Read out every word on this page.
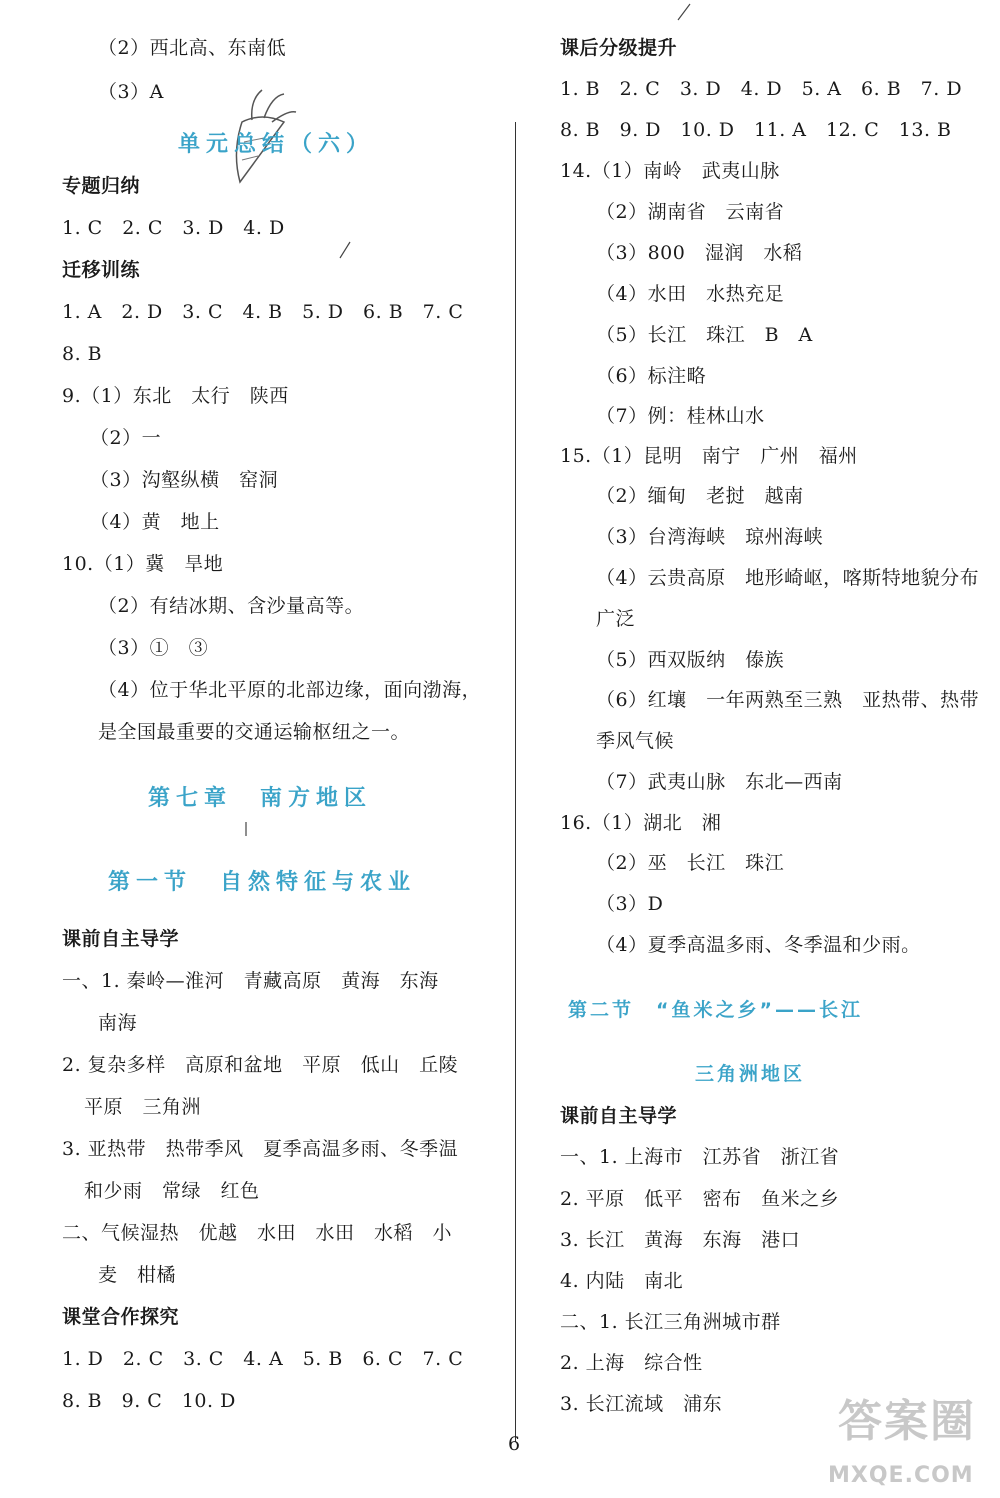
（2）西北高、东南低
（3）A
单元总结（六）
专题归纳
1. C　2. C　3. D　4. D
迁移训练
1. A　2. D　3. C　4. B　5. D　6. B　7. C
8. B
9.（1）东北　太行　陕西
（2）一
（3）沟壑纵横　窑洞
（4）黄　地上
10.（1）冀　旱地
（2）有结冰期、含沙量高等。
（3）①　③
（4）位于华北平原的北部边缘，面向渤海，
是全国最重要的交通运输枢纽之一。
第七章　南方地区
第一节　自然特征与农业
课前自主导学
一、1. 秦岭—淮河　青藏高原　黄海　东海
南海
2. 复杂多样　高原和盆地　平原　低山　丘陵
平原　三角洲
3. 亚热带　热带季风　夏季高温多雨、冬季温
和少雨　常绿　红色
二、气候湿热　优越　水田　水田　水稻　小
麦　柑橘
课堂合作探究
1. D　2. C　3. C　4. A　5. B　6. C　7. C
8. B　9. C　10. D
课后分级提升
1. B　2. C　3. D　4. D　5. A　6. B　7. D
8. B　9. D　10. D　11. A　12. C　13. B
14.（1）南岭　武夷山脉
（2）湖南省　云南省
（3）800　湿润　水稻
（4）水田　水热充足
（5）长江　珠江　B　A
（6）标注略
（7）例：桂林山水
15.（1）昆明　南宁　广州　福州
（2）缅甸　老挝　越南
（3）台湾海峡　琼州海峡
（4）云贵高原　地形崎岖，喀斯特地貌分布
广泛
（5）西双版纳　傣族
（6）红壤　一年两熟至三熟　亚热带、热带
季风气候
（7）武夷山脉　东北—西南
16.（1）湖北　湘
（2）巫　长江　珠江
（3）D
（4）夏季高温多雨、冬季温和少雨。
第二节　“鱼米之乡”——长江
三角洲地区
课前自主导学
一、1. 上海市　江苏省　浙江省
2. 平原　低平　密布　鱼米之乡
3. 长江　黄海　东海　港口
4. 内陆　南北
二、1. 长江三角洲城市群
2. 上海　综合性
3. 长江流域　浦东
6	答案圈
MXQE.COM
